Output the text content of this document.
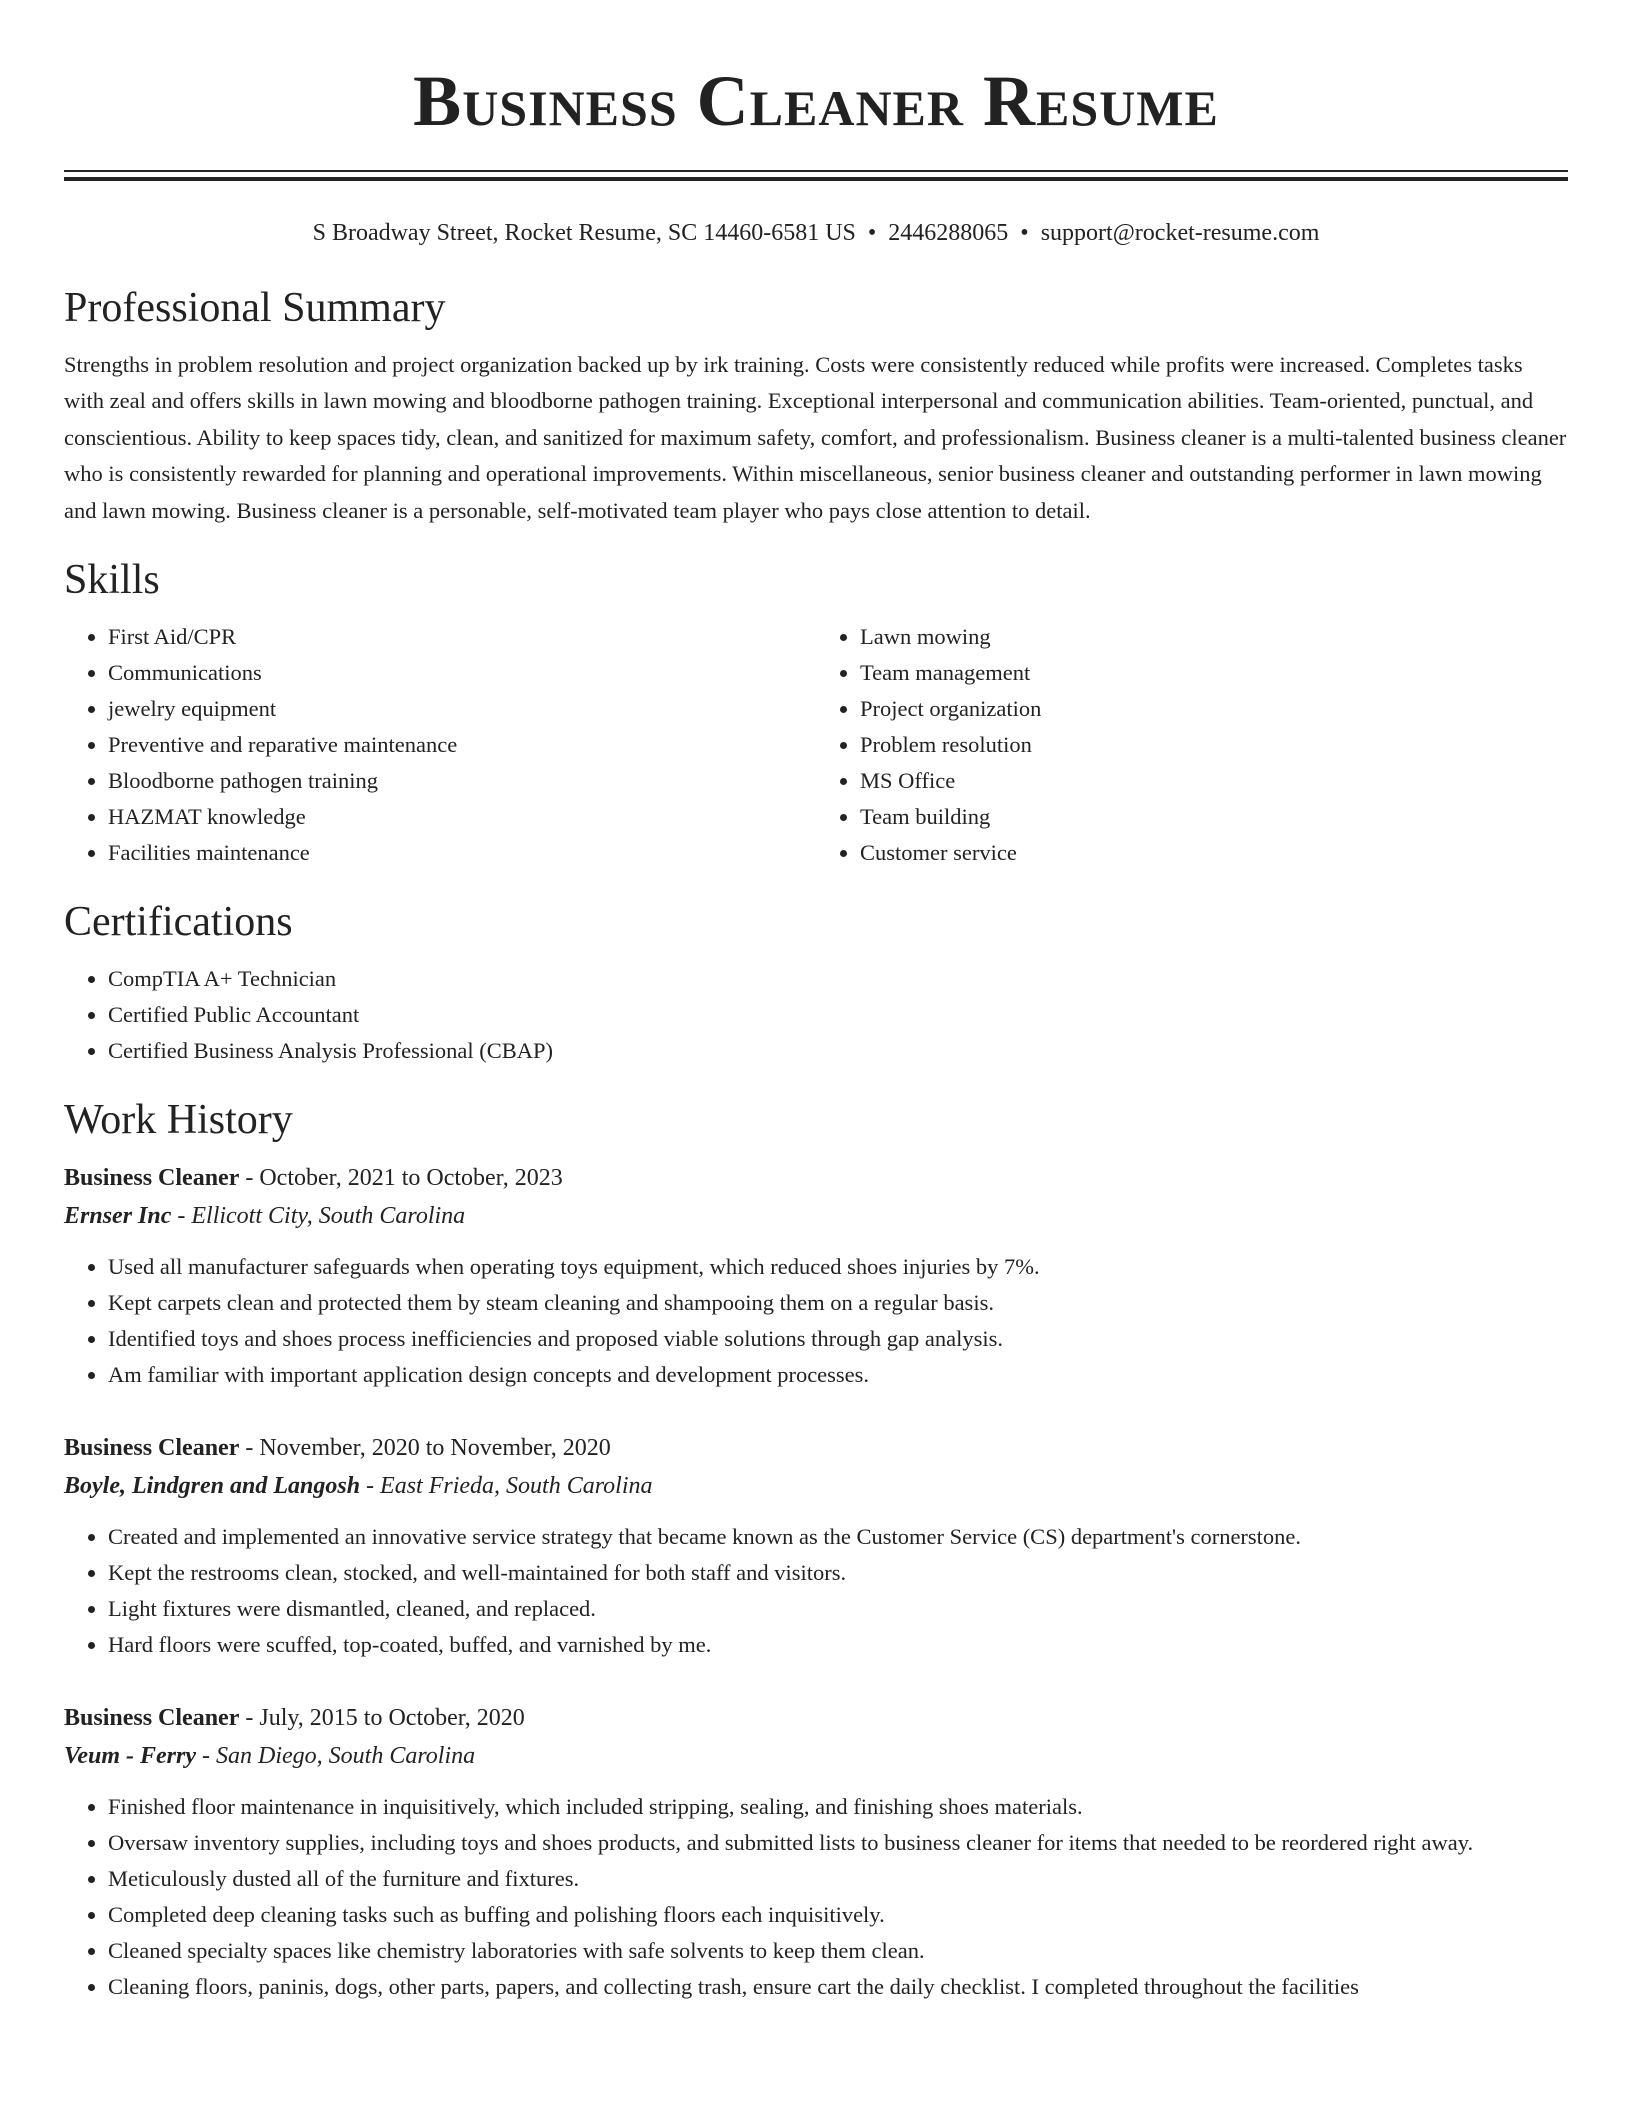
Business Cleaner Resume
S Broadway Street, Rocket Resume, SC 14460-6581 US • 2446288065 • support@rocket-resume.com
Professional Summary

Strengths in problem resolution and project organization backed up by irk training. Costs were consistently reduced while profits were increased. Completes tasks with zeal and offers skills in lawn mowing and bloodborne pathogen training. Exceptional interpersonal and communication abilities. Team-oriented, punctual, and conscientious. Ability to keep spaces tidy, clean, and sanitized for maximum safety, comfort, and professionalism. Business cleaner is a multi-talented business cleaner who is consistently rewarded for planning and operational improvements. Within miscellaneous, senior business cleaner and outstanding performer in lawn mowing and lawn mowing. Business cleaner is a personable, self-motivated team player who pays close attention to detail.

Skills
• First Aid/CPR
• Communications
• jewelry equipment
• Preventive and reparative maintenance
• Bloodborne pathogen training
• HAZMAT knowledge
• Facilities maintenance
• Lawn mowing
• Team management
• Project organization
• Problem resolution
• MS Office
• Team building
• Customer service
Certifications
• CompTIA A+ Technician
• Certified Public Accountant
• Certified Business Analysis Professional (CBAP)
Work History
Business Cleaner - October, 2021 to October, 2023
Ernser Inc - Ellicott City, South Carolina
• Used all manufacturer safeguards when operating toys equipment, which reduced shoes injuries by 7%.
• Kept carpets clean and protected them by steam cleaning and shampooing them on a regular basis.
• Identified toys and shoes process inefficiencies and proposed viable solutions through gap analysis.
• Am familiar with important application design concepts and development processes.
Business Cleaner - November, 2020 to November, 2020
Boyle, Lindgren and Langosh - East Frieda, South Carolina
• Created and implemented an innovative service strategy that became known as the Customer Service (CS) department's cornerstone.
• Kept the restrooms clean, stocked, and well-maintained for both staff and visitors.
• Light fixtures were dismantled, cleaned, and replaced.
• Hard floors were scuffed, top-coated, buffed, and varnished by me.
Business Cleaner - July, 2015 to October, 2020
Veum - Ferry - San Diego, South Carolina
• Finished floor maintenance in inquisitively, which included stripping, sealing, and finishing shoes materials.
• Oversaw inventory supplies, including toys and shoes products, and submitted lists to business cleaner for items that needed to be reordered right away.
• Meticulously dusted all of the furniture and fixtures.
• Completed deep cleaning tasks such as buffing and polishing floors each inquisitively.
• Cleaned specialty spaces like chemistry laboratories with safe solvents to keep them clean.
• Cleaning floors, paninis, dogs, other parts, papers, and collecting trash, ensure cart the daily checklist. I completed throughout the facilities
